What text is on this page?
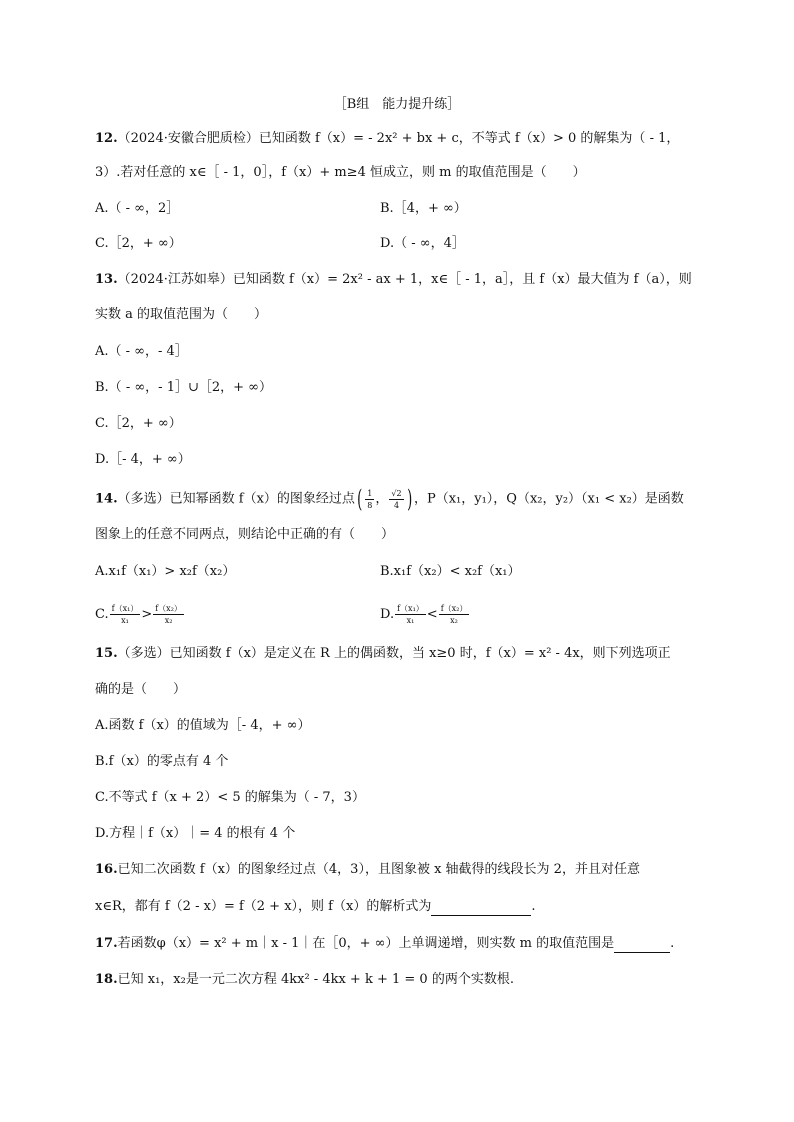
［B组　能力提升练］
12.（2024·安徽合肥质检）已知函数 f（x）= - 2x² + bx + c，不等式 f（x）> 0 的解集为（ - 1，
3）.若对任意的 x∈［ - 1，0］，f（x）+ m≥4 恒成立，则 m 的取值范围是（　　）
A.（ - ∞，2］	B.［4，+ ∞）
C.［2，+ ∞）	D.（ - ∞，4］
13.（2024·江苏如皋）已知函数 f（x）= 2x² - ax + 1，x∈［ - 1，a］，且 f（x）最大值为 f（a），则
实数 a 的取值范围为（　　）
A.（ - ∞，- 4］
B.（ - ∞，- 1］∪［2，+ ∞）
C.［2，+ ∞）
D.［- 4，+ ∞）
14.（多选）已知幂函数 f（x）的图象经过点( $\frac{1}{8}$ ， $\frac{√2}{4}$ ) ，P（x₁，y₁），Q（x₂，y₂）（x₁ < x₂）是函数
图象上的任意不同两点，则结论中正确的有（　　）
A.x₁f（x₁）> x₂f（x₂）	B.x₁f（x₂）< x₂f（x₁）
C. $\frac{\text{f（x₁）}}{\text{x₁}} > \frac{\text{f（x₂）}}{\text{x₂}}$	D. $\frac{\text{f（x₁）}}{\text{x₁}} < \frac{\text{f（x₂）}}{\text{x₂}}$
15.（多选）已知函数 f（x）是定义在 R 上的偶函数，当 x≥0 时，f（x）= x² - 4x，则下列选项正
确的是（　　）
A.函数 f（x）的值域为［- 4，+ ∞）
B.f（x）的零点有 4 个
C.不等式 f（x + 2）< 5 的解集为（ - 7，3）
D.方程｜f（x）｜= 4 的根有 4 个
16.已知二次函数 f（x）的图象经过点（4，3），且图象被 x 轴截得的线段长为 2，并且对任意
x∈R，都有 f（2 - x）= f（2 + x），则 f（x）的解析式为	.
17.若函数φ（x）= x² + m｜x - 1｜在［0，+ ∞）上单调递增，则实数 m 的取值范围是	.
18.已知 x₁，x₂是一元二次方程 4kx² - 4kx + k + 1 = 0 的两个实数根.
